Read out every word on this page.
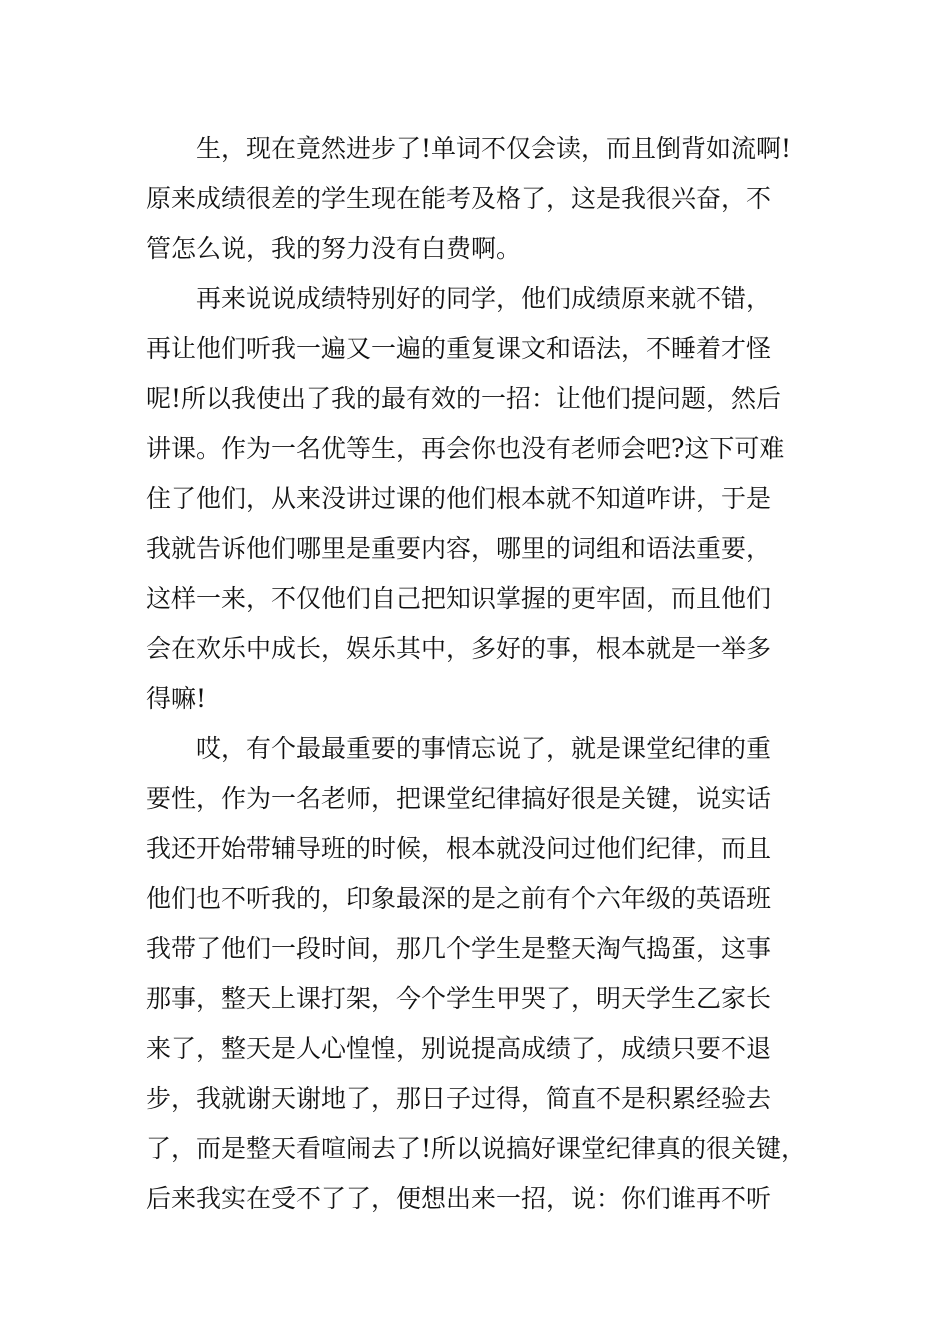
生，现在竟然进步了!单词不仅会读，而且倒背如流啊!
原来成绩很差的学生现在能考及格了，这是我很兴奋，不
管怎么说，我的努力没有白费啊。
再来说说成绩特别好的同学，他们成绩原来就不错，
再让他们听我一遍又一遍的重复课文和语法，不睡着才怪
呢!所以我使出了我的最有效的一招：让他们提问题，然后
讲课。作为一名优等生，再会你也没有老师会吧?这下可难
住了他们，从来没讲过课的他们根本就不知道咋讲，于是
我就告诉他们哪里是重要内容，哪里的词组和语法重要，
这样一来，不仅他们自己把知识掌握的更牢固，而且他们
会在欢乐中成长，娱乐其中，多好的事，根本就是一举多
得嘛!
哎，有个最最重要的事情忘说了，就是课堂纪律的重
要性，作为一名老师，把课堂纪律搞好很是关键，说实话
我还开始带辅导班的时候，根本就没问过他们纪律，而且
他们也不听我的，印象最深的是之前有个六年级的英语班
我带了他们一段时间，那几个学生是整天淘气捣蛋，这事
那事，整天上课打架，今个学生甲哭了，明天学生乙家长
来了，整天是人心惶惶，别说提高成绩了，成绩只要不退
步，我就谢天谢地了，那日子过得，简直不是积累经验去
了，而是整天看喧闹去了!所以说搞好课堂纪律真的很关键，
后来我实在受不了了，便想出来一招，说：你们谁再不听
